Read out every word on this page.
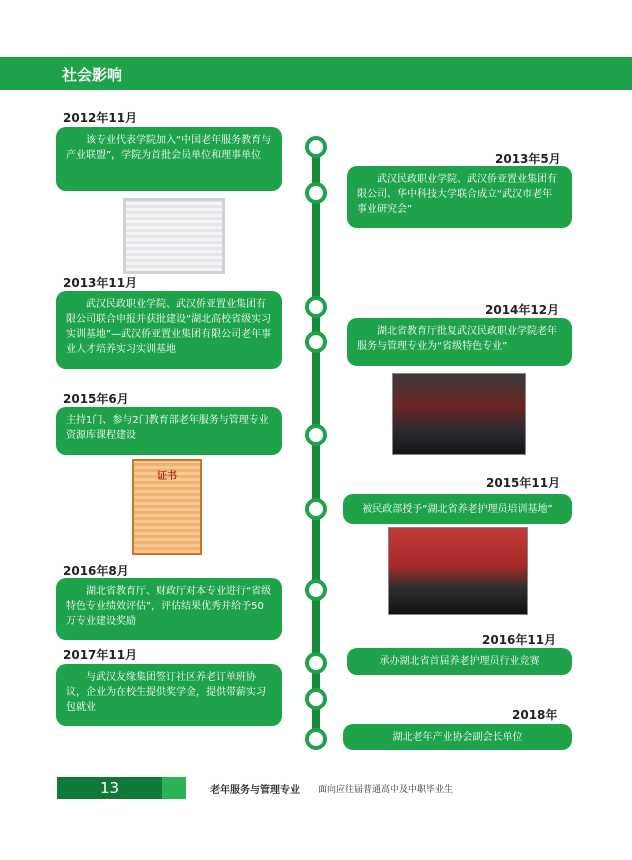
社会影响
2012年11月
该专业代表学院加入“中国老年服务教育与产业联盟”，学院为首批会员单位和理事单位	2013年5月
武汉民政职业学院、武汉侨亚置业集团有限公司、华中科技大学联合成立“武汉市老年事业研究会”
2013年11月
武汉民政职业学院、武汉侨亚置业集团有限公司联合申报并获批建设“湖北高校省级实习实训基地”—武汉侨亚置业集团有限公司老年事业人才培养实习实训基地
2014年12月
湖北省教育厅批复武汉民政职业学院老年服务与管理专业为“省级特色专业”
2015年6月
主持1门、参与2门教育部老年服务与管理专业资源库课程建设
证书	2015年11月
被民政部授予“湖北省养老护理员培训基地”
2016年8月
湖北省教育厅、财政厅对本专业进行“省级特色专业绩效评估”，评估结果优秀并给予50万专业建设奖励
2016年11月
承办湖北省首届养老护理员行业竞赛
2017年11月
与武汉友缘集团签订社区养老订单班协议，企业为在校生提供奖学金，提供带薪实习包就业
2018年
湖北老年产业协会副会长单位
13	老年服务与管理专业 面向应往届普通高中及中职毕业生
